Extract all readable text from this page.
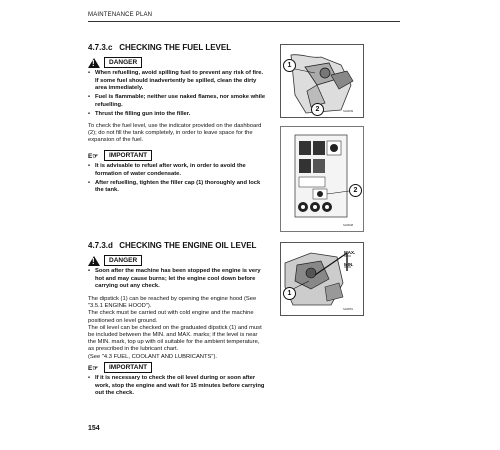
MAINTENANCE PLAN
4.7.3.c CHECKING THE FUEL LEVEL
!
DANGER
• When refuelling, avoid spilling fuel to prevent any risk of fire. If some fuel should inadvertently be spilled, clean the dirty area immediately.
• Fuel is flammable; neither use naked flames, nor smoke while refuelling.
• Thrust the filling gun into the filler.
To check the fuel level, use the indicator provided on the dashboard (2); do not fill the tank completely, in order to leave space for the expansion of the fuel.
E☞	IMPORTANT
• It is advisable to refuel after work, in order to avoid the formation of water condensate.
• After refuelling, tighten the filler cap (1) thoroughly and lock the tank.
1
2	SH0049
2
SH0048
4.7.3.d CHECKING THE ENGINE OIL LEVEL
!
DANGER
• Soon after the machine has been stopped the engine is very hot and may cause burns; let the engine cool down before carrying out any check.
The dipstick (1) can be reached by opening the engine hood (See "3.5.1 ENGINE HOOD").
The check must be carried out with cold engine and the machine positioned on level ground.
The oil level can be checked on the graduated dipstick (1) and must be included between the MIN. and MAX. marks; if the level is near the MIN. mark, top up with oil suitable for the ambient temperature, as prescribed in the lubricant chart.
(See "4.3 FUEL, COOLANT AND LUBRICANTS").
E☞	IMPORTANT
• If it is necessary to check the oil level during or soon after work, stop the engine and wait for 15 minutes before carrying out the check.
MAX.
MIN.
1
SH0051
154
